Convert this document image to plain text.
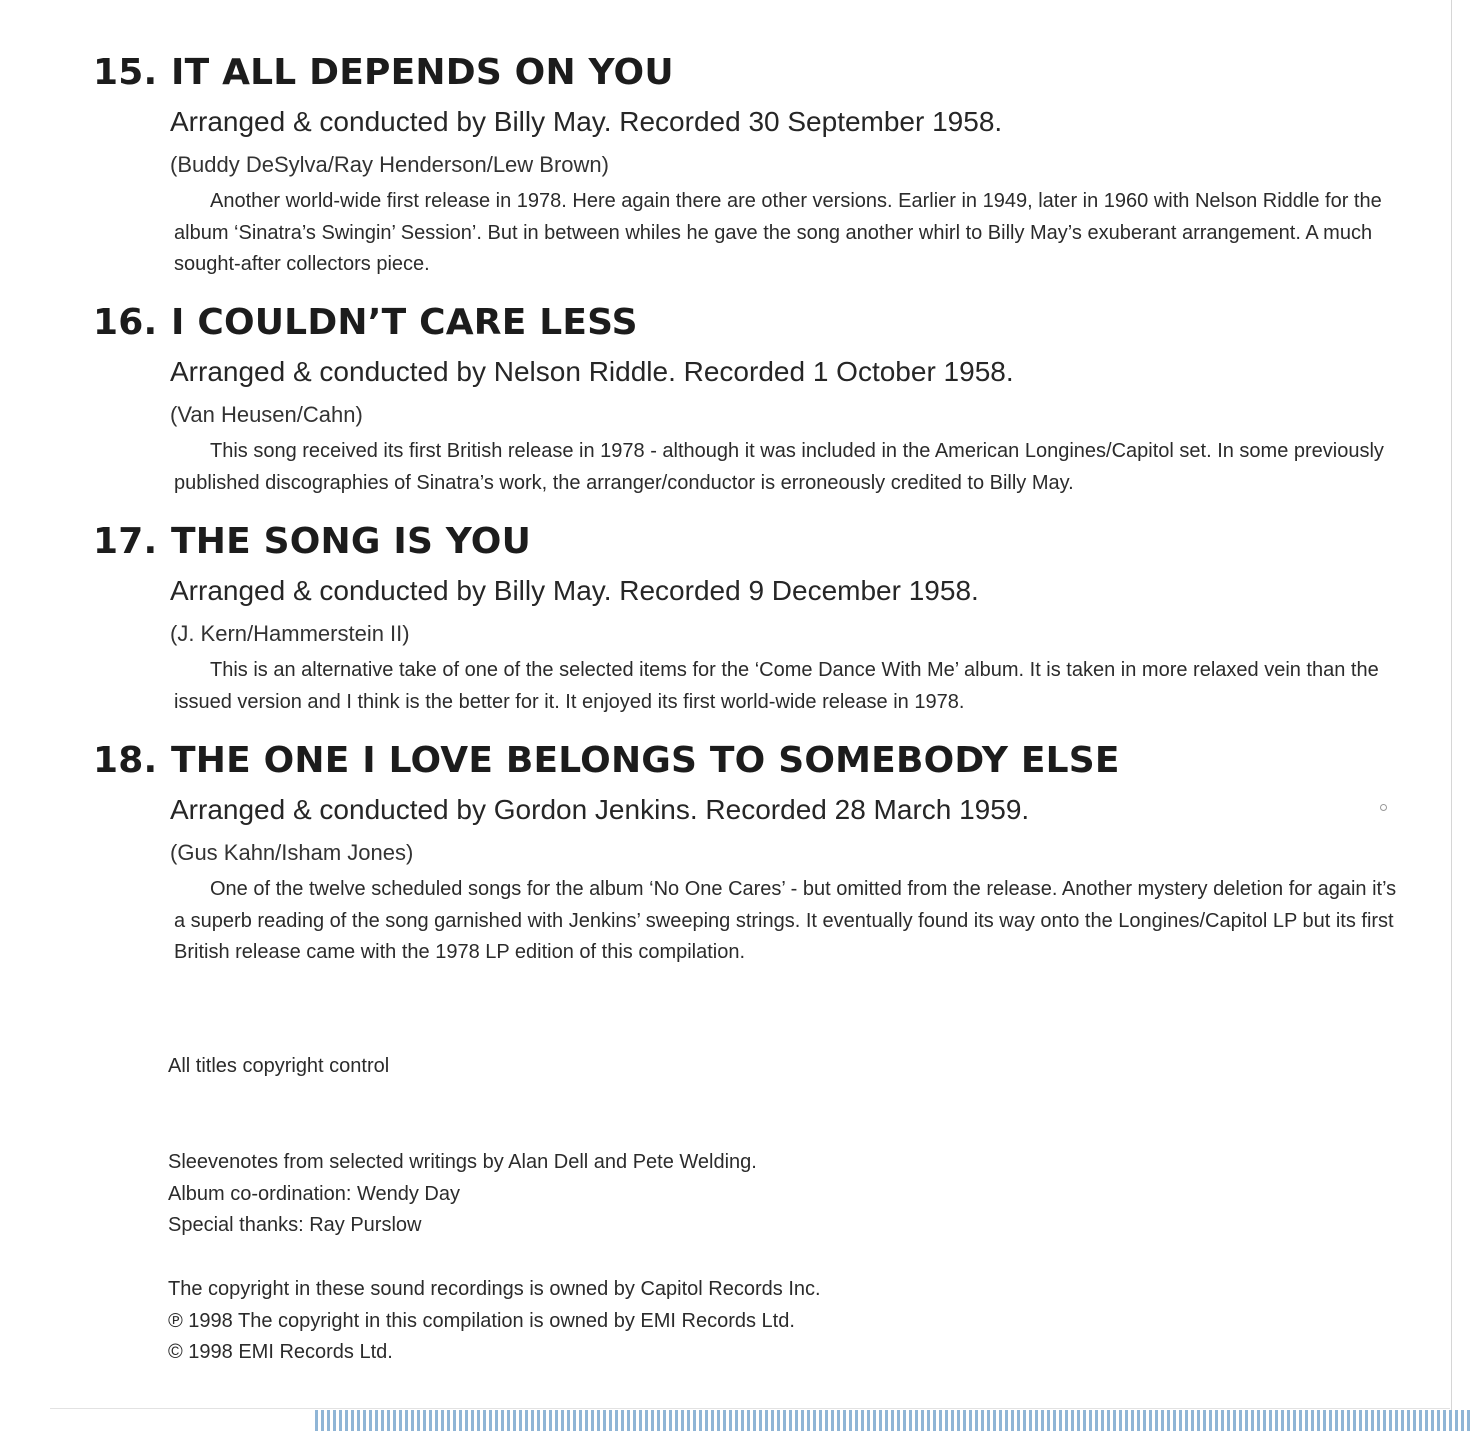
15. IT ALL DEPENDS ON YOU

Arranged & conducted by Billy May. Recorded 30 September 1958.

(Buddy DeSylva/Ray Henderson/Lew Brown)

Another world-wide first release in 1978. Here again there are other versions. Earlier in 1949, later in 1960 with Nelson Riddle for the album ‘Sinatra’s Swingin’ Session’. But in between whiles he gave the song another whirl to Billy May’s exuberant arrangement. A much sought-after collectors piece.

16. I COULDN’T CARE LESS

Arranged & conducted by Nelson Riddle. Recorded 1 October 1958.

(Van Heusen/Cahn)

This song received its first British release in 1978 - although it was included in the American Longines/Capitol set. In some previously published discographies of Sinatra’s work, the arranger/conductor is erroneously credited to Billy May.

17. THE SONG IS YOU

Arranged & conducted by Billy May. Recorded 9 December 1958.

(J. Kern/Hammerstein II)

This is an alternative take of one of the selected items for the ‘Come Dance With Me’ album. It is taken in more relaxed vein than the issued version and I think is the better for it. It enjoyed its first world-wide release in 1978.

18. THE ONE I LOVE BELONGS TO SOMEBODY ELSE

Arranged & conducted by Gordon Jenkins. Recorded 28 March 1959.

(Gus Kahn/Isham Jones)

One of the twelve scheduled songs for the album ‘No One Cares’ - but omitted from the release. Another mystery deletion for again it’s a superb reading of the song garnished with Jenkins’ sweeping strings. It eventually found its way onto the Longines/Capitol LP but its first British release came with the 1978 LP edition of this compilation.

All titles copyright control
Sleevenotes from selected writings by Alan Dell and Pete Welding.
Album co-ordination: Wendy Day
Special thanks: Ray Purslow
The copyright in these sound recordings is owned by Capitol Records Inc.
℗ 1998 The copyright in this compilation is owned by EMI Records Ltd.
© 1998 EMI Records Ltd.
